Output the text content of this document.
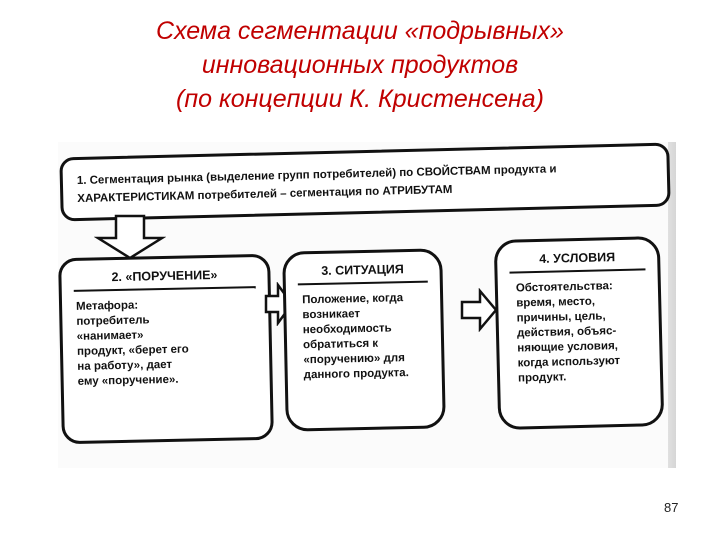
Схема сегментации «подрывных»
инновационных продуктов
(по концепции К. Кристенсена)

1. Сегментация рынка (выделение групп потребителей) по СВОЙСТВАМ продукта и

ХАРАКТЕРИСТИКАМ потребителей – сегментация по АТРИБУТАМ

2. «ПОРУЧЕНИЕ»
Метафора:
потребитель
«нанимает»
продукт, «берет его
на работу», дает
ему «поручение».
3. СИТУАЦИЯ
Положение, когда
возникает
необходимость
обратиться к
«поручению» для
данного продукта.
4. УСЛОВИЯ
Обстоятельства:
время, место,
причины, цель,
действия, объяс-
няющие условия,
когда используют
продукт.
87
